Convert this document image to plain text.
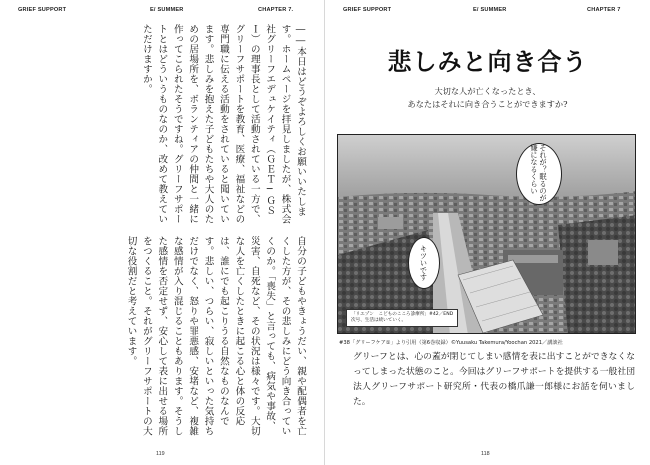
GRIEF SUPPORT	E/ SUMMER	CHAPTER 7.
――本日はどうぞよろしくお願いいたします。ホームページを拝見しましたが、株式会社グリーフエデュケイティ（ＧＥＴ─ＧＳＩ）の理事長として活動されている一方で、グリーフサポートを教育、医療、福祉などの専門職に伝える活動をされていると聞いています。悲しみを抱えた子どもたちや大人のための居場所を、ボランティアの仲間と一緒に作ってこられたそうですね。グリーフサポートとはどういうものなのか、改めて教えていただけますか。
自分の子どもやきょうだい、親や配偶者を亡くした方が、その悲しみにどう向き合っていくのか。「喪失」と言っても、病気や事故、災害、自死など、その状況は様々です。大切な人を亡くしたときに起こる心と体の反応は、誰にでも起こりうる自然なものなんです。悲しい、つらい、寂しいといった気持ちだけでなく、怒りや罪悪感、安堵など、複雑な感情が入り混じることもあります。そうした感情を否定せず、安心して表に出せる場所をつくること。それがグリーフサポートの大切な役割だと考えています。
119
GRIEF SUPPORT	E/ SUMMER	CHAPTER 7
悲しみと向き合う
大切な人が亡くなったとき、
あなたはそれに向き合うことができますか?
それが？眠るのが嫌になるくらい
キツいです
「リエゾン　こどものこころ診療所」#42／END
次号、生活は続いていく。
#38「グリーフケア①」より引用（第6巻収録）©Yuusaku Takemura/Yoochan 2021／講談社
グリーフとは、心の蓋が閉じてしまい感情を表に出すことができなくなってしまった状態のこと。今回はグリーフサポートを提供する一般社団法人グリーフサポート研究所・代表の橋爪謙一郎様にお話を伺いました。
118
